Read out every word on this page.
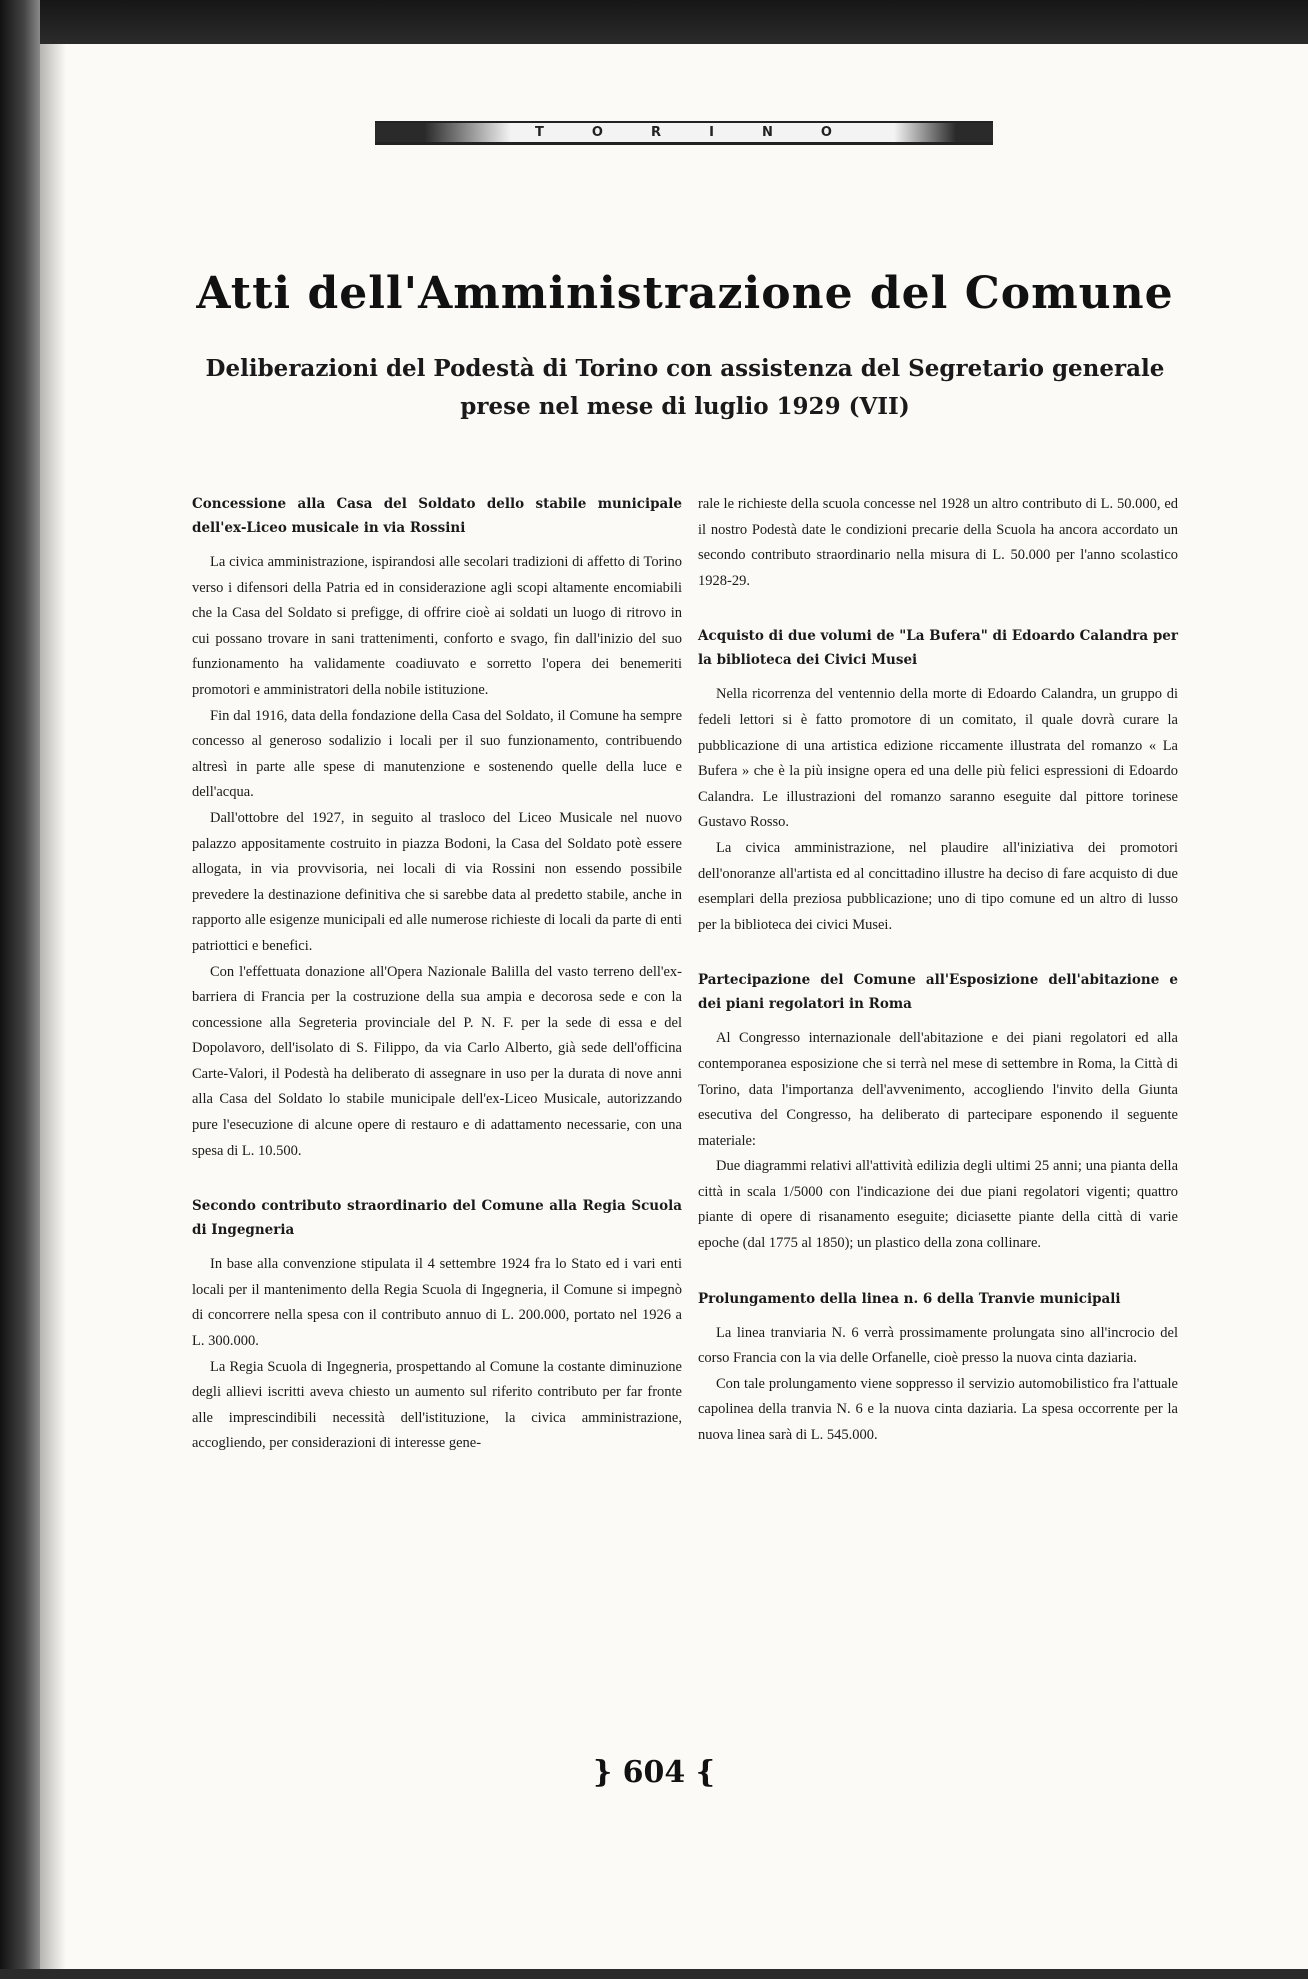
T	O	R	I	N	O
Atti dell'Amministrazione del Comune
Deliberazioni del Podestà di Torino con assistenza del Segretario generale
prese nel mese di luglio 1929 (VII)
Concessione alla Casa del Soldato dello stabile municipale dell'ex-Liceo musicale in via Rossini

La civica amministrazione, ispirandosi alle secolari tradizioni di affetto di Torino verso i difensori della Patria ed in considerazione agli scopi altamente encomiabili che la Casa del Soldato si prefigge, di offrire cioè ai soldati un luogo di ritrovo in cui possano trovare in sani trattenimenti, conforto e svago, fin dall'inizio del suo funzionamento ha validamente coadiuvato e sorretto l'opera dei benemeriti promotori e amministratori della nobile istituzione.

Fin dal 1916, data della fondazione della Casa del Soldato, il Comune ha sempre concesso al generoso sodalizio i locali per il suo funzionamento, contribuendo altresì in parte alle spese di manutenzione e sostenendo quelle della luce e dell'acqua.

Dall'ottobre del 1927, in seguito al trasloco del Liceo Musicale nel nuovo palazzo appositamente costruito in piazza Bodoni, la Casa del Soldato potè essere allogata, in via provvisoria, nei locali di via Rossini non essendo possibile prevedere la destinazione definitiva che si sarebbe data al predetto stabile, anche in rapporto alle esigenze municipali ed alle numerose richieste di locali da parte di enti patriottici e benefici.

Con l'effettuata donazione all'Opera Nazionale Balilla del vasto terreno dell'ex-barriera di Francia per la costruzione della sua ampia e decorosa sede e con la concessione alla Segreteria provinciale del P. N. F. per la sede di essa e del Dopolavoro, dell'isolato di S. Filippo, da via Carlo Alberto, già sede dell'officina Carte-Valori, il Podestà ha deliberato di assegnare in uso per la durata di nove anni alla Casa del Soldato lo stabile municipale dell'ex-Liceo Musicale, autorizzando pure l'esecuzione di alcune opere di restauro e di adattamento necessarie, con una spesa di L. 10.500.

Secondo contributo straordinario del Comune alla Regia Scuola di Ingegneria

In base alla convenzione stipulata il 4 settembre 1924 fra lo Stato ed i vari enti locali per il mantenimento della Regia Scuola di Ingegneria, il Comune si impegnò di concorrere nella spesa con il contributo annuo di L. 200.000, portato nel 1926 a L. 300.000.

La Regia Scuola di Ingegneria, prospettando al Comune la costante diminuzione degli allievi iscritti aveva chiesto un aumento sul riferito contributo per far fronte alle imprescindibili necessità dell'istituzione, la civica amministrazione, accogliendo, per considerazioni di interesse gene-

rale le richieste della scuola concesse nel 1928 un altro contributo di L. 50.000, ed il nostro Podestà date le condizioni precarie della Scuola ha ancora accordato un secondo contributo straordinario nella misura di L. 50.000 per l'anno scolastico 1928-29.

Acquisto di due volumi de "La Bufera" di Edoardo Calandra per la biblioteca dei Civici Musei

Nella ricorrenza del ventennio della morte di Edoardo Calandra, un gruppo di fedeli lettori si è fatto promotore di un comitato, il quale dovrà curare la pubblicazione di una artistica edizione riccamente illustrata del romanzo « La Bufera » che è la più insigne opera ed una delle più felici espressioni di Edoardo Calandra. Le illustrazioni del romanzo saranno eseguite dal pittore torinese Gustavo Rosso.

La civica amministrazione, nel plaudire all'iniziativa dei promotori dell'onoranze all'artista ed al concittadino illustre ha deciso di fare acquisto di due esemplari della preziosa pubblicazione; uno di tipo comune ed un altro di lusso per la biblioteca dei civici Musei.

Partecipazione del Comune all'Esposizione dell'abitazione e dei piani regolatori in Roma

Al Congresso internazionale dell'abitazione e dei piani regolatori ed alla contemporanea esposizione che si terrà nel mese di settembre in Roma, la Città di Torino, data l'importanza dell'avvenimento, accogliendo l'invito della Giunta esecutiva del Congresso, ha deliberato di partecipare esponendo il seguente materiale:

Due diagrammi relativi all'attività edilizia degli ultimi 25 anni; una pianta della città in scala 1/5000 con l'indicazione dei due piani regolatori vigenti; quattro piante di opere di risanamento eseguite; diciasette piante della città di varie epoche (dal 1775 al 1850); un plastico della zona collinare.

Prolungamento della linea n. 6 della Tranvie municipali

La linea tranviaria N. 6 verrà prossimamente prolungata sino all'incrocio del corso Francia con la via delle Orfanelle, cioè presso la nuova cinta daziaria.

Con tale prolungamento viene soppresso il servizio automobilistico fra l'attuale capolinea della tranvia N. 6 e la nuova cinta daziaria. La spesa occorrente per la nuova linea sarà di L. 545.000.

} 604 {
